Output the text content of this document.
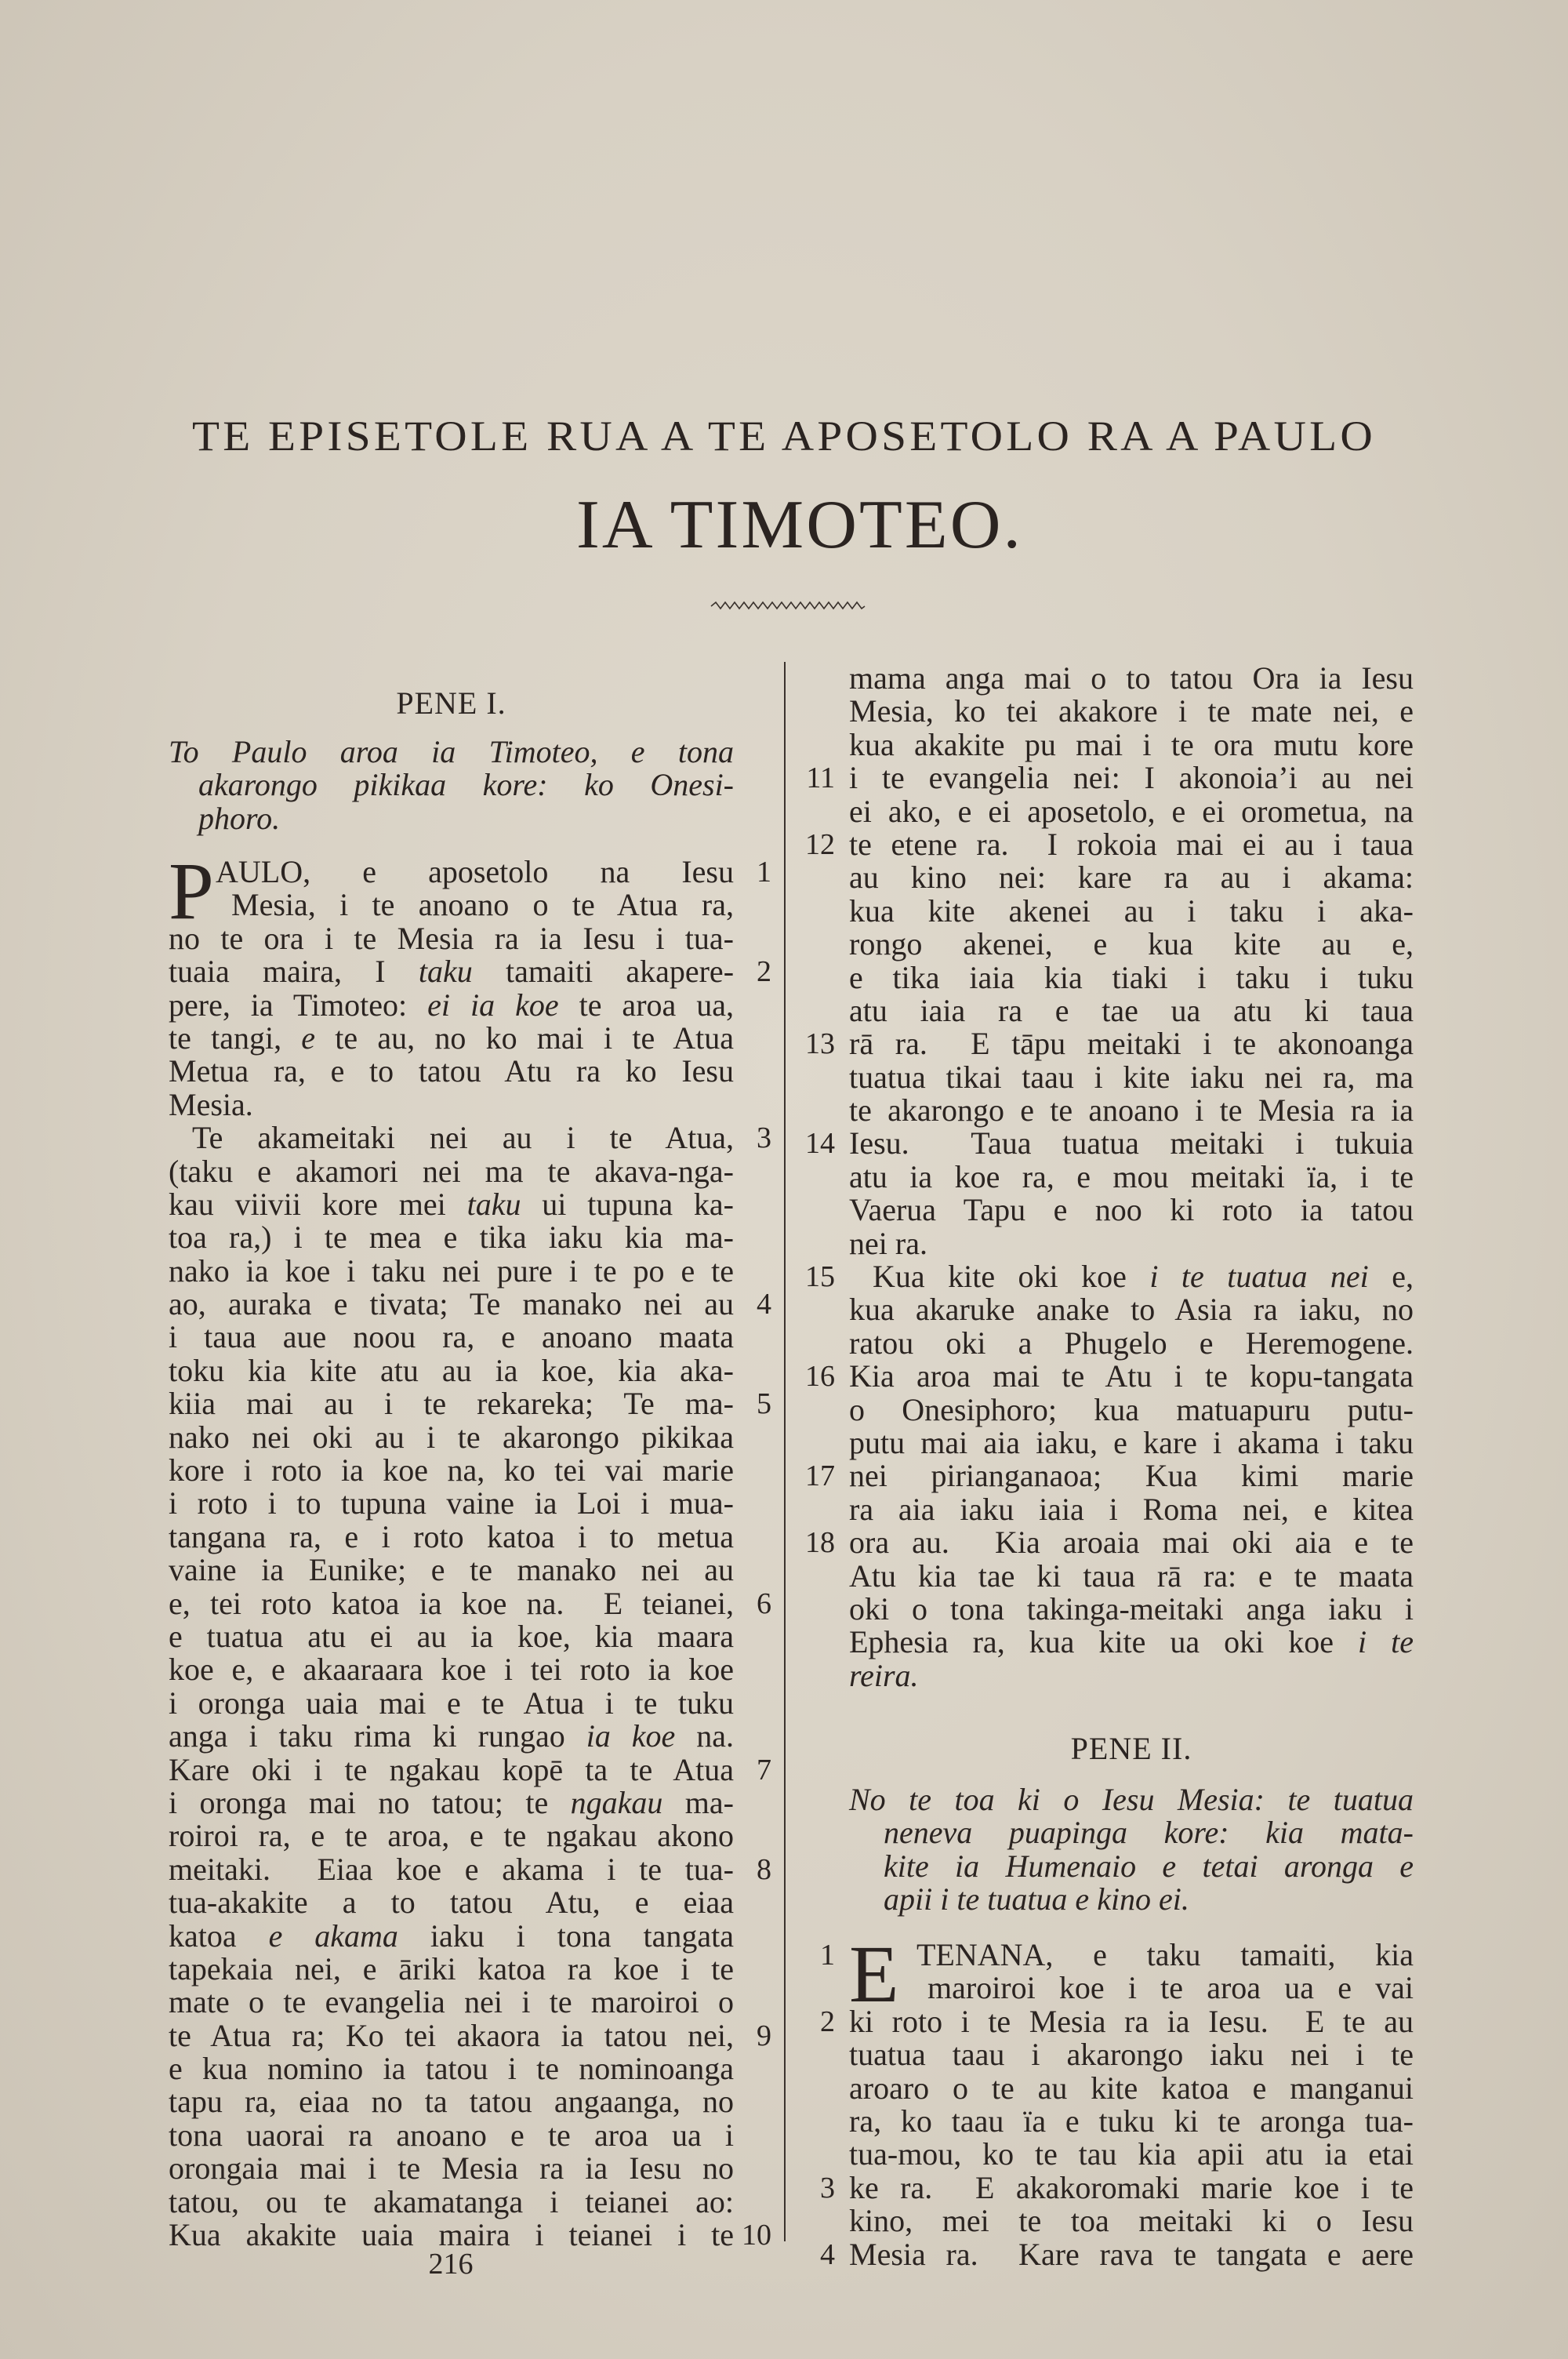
TE EPISETOLE RUA A TE APOSETOLO RA A PAULO
IA TIMOTEO.
PENE I.
To Paulo aroa ia Timoteo, e tona
akarongo pikikaa kore: ko Onesi-
phoro.
P AULO, e aposetolo na Iesu 1
Mesia, i te anoano o te Atua ra,
no te ora i te Mesia ra ia Iesu i tua-
tuaia maira, I taku tamaiti akapere- 2
pere, ia Timoteo: ei ia koe te aroa ua,
te tangi, e te au, no ko mai i te Atua
Metua ra, e to tatou Atu ra ko Iesu
Mesia.
Te akameitaki nei au i te Atua, 3
(taku e akamori nei ma te akava-nga-
kau viivii kore mei taku ui tupuna ka-
toa ra,) i te mea e tika iaku kia ma-
nako ia koe i taku nei pure i te po e te
ao, auraka e tivata; Te manako nei au 4
i taua aue noou ra, e anoano maata
toku kia kite atu au ia koe, kia aka-
kiia mai au i te rekareka; Te ma- 5
nako nei oki au i te akarongo pikikaa
kore i roto ia koe na, ko tei vai marie
i roto i to tupuna vaine ia Loi i mua-
tangana ra, e i roto katoa i to metua
vaine ia Eunike; e te manako nei au
e, tei roto katoa ia koe na.  E teianei, 6
e tuatua atu ei au ia koe, kia maara
koe e, e akaaraara koe i tei roto ia koe
i oronga uaia mai e te Atua i te tuku
anga i taku rima ki rungao ia koe na.
Kare oki i te ngakau kopē ta te Atua 7
i oronga mai no tatou; te ngakau ma-
roiroi ra, e te aroa, e te ngakau akono
meitaki.  Eiaa koe e akama i te tua- 8
tua-akakite a to tatou Atu, e eiaa
katoa e akama iaku i tona tangata
tapekaia nei, e āriki katoa ra koe i te
mate o te evangelia nei i te maroiroi o
te Atua ra; Ko tei akaora ia tatou nei, 9
e kua nomino ia tatou i te nominoanga
tapu ra, eiaa no ta tatou angaanga, no
tona uaorai ra anoano e te aroa ua i
orongaia mai i te Mesia ra ia Iesu no
tatou, ou te akamatanga i teianei ao:
Kua akakite uaia maira i teianei i te 10
mama anga mai o to tatou Ora ia Iesu
Mesia, ko tei akakore i te mate nei, e
kua akakite pu mai i te ora mutu kore
i te evangelia nei: I akonoia’i au nei
11
ei ako, e ei aposetolo, e ei orometua, na
te etene ra.  I rokoia mai ei au i taua
12
au kino nei: kare ra au i akama:
kua kite akenei au i taku i aka-
rongo akenei, e kua kite au e,
e tika iaia kia tiaki i taku i tuku
atu iaia ra e tae ua atu ki taua
rā ra.  E tāpu meitaki i te akonoanga
13
tuatua tikai taau i kite iaku nei ra, ma
te akarongo e te anoano i te Mesia ra ia
Iesu.  Taua tuatua meitaki i tukuia
14
atu ia koe ra, e mou meitaki ïa, i te
Vaerua Tapu e noo ki roto ia tatou
nei ra.
Kua kite oki koe i te tuatua nei e,
15
kua akaruke anake to Asia ra iaku, no
ratou oki a Phugelo e Heremogene.
Kia aroa mai te Atu i te kopu-tangata
16
o Onesiphoro; kua matuapuru putu-
putu mai aia iaku, e kare i akama i taku
nei pirianganaoa; Kua kimi marie
17
ra aia iaku iaia i Roma nei, e kitea
ora au.  Kia aroaia mai oki aia e te
18
Atu kia tae ki taua rā ra: e te maata
oki o tona takinga-meitaki anga iaku i
Ephesia ra, kua kite ua oki koe i te
reira.
PENE II.
No te toa ki o Iesu Mesia: te tuatua
neneva puapinga kore: kia mata-
kite ia Humenaio e tetai aronga e
apii i te tuatua e kino ei.
E TENANA, e taku tamaiti, kia
1
maroiroi koe i te aroa ua e vai
ki roto i te Mesia ra ia Iesu.  E te au
2
tuatua taau i akarongo iaku nei i te
aroaro o te au kite katoa e manganui
ra, ko taau ïa e tuku ki te aronga tua-
tua-mou, ko te tau kia apii atu ia etai
ke ra.  E akakoromaki marie koe i te
3
kino, mei te toa meitaki ki o Iesu
Mesia ra.  Kare rava te tangata e aere
4
216
